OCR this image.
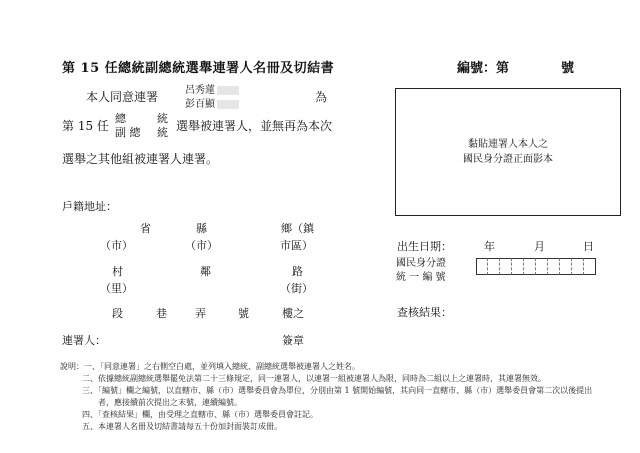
第 15 任總統副總統選舉連署人名冊及切結書	編號：第	號
本人同意連署	呂秀蓮
彭百顯
為
第 15 任
總	統
副 總 統 選舉被連署人，並無再為本次
選舉之其他組被連署人連署。
黏貼連署人本人之
國民身分證正面影本
戶籍地址：
省	縣	鄉（鎮
（市）	（市）	市區）
村	鄰	路
（里）	（街）
段	巷	弄	號	樓之
出生日期：	年	月	日
國民身分證
統 一 編 號
查核結果：
連署人：	簽章
說明：一、「同意連署」之右側空白處，並列填入總統、副總統選舉被連署人之姓名。
二、依據總統副總統選舉罷免法第二十三條規定，同一連署人，以連署一組被連署人為限，同時為二組以上之連署時，其連署無效。
三、「編號」欄之編號，以直轄市、縣（市）選舉委員會為單位，分別由第 1 號開始編號，其向同一直轄市、縣（市）選舉委員會第二次以後提出
者，應接續前次提出之末號，連續編號。
四、「查核結果」欄，由受理之直轄市、縣（市）選舉委員會註記。
五、本連署人名冊及切結書請每五十份加封面裝訂成冊。
